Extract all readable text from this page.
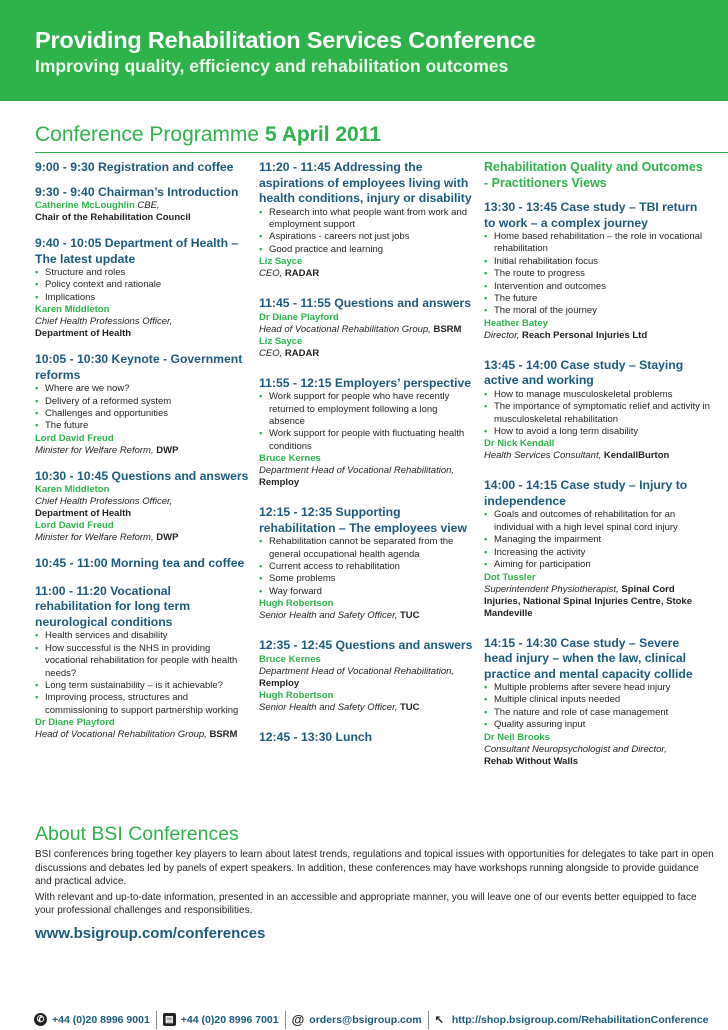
Providing Rehabilitation Services Conference
Improving quality, efficiency and rehabilitation outcomes
Conference Programme 5 April 2011
9:00 - 9:30 Registration and coffee
9:30 - 9:40 Chairman’s Introduction
Catherine McLoughlin CBE,
Chair of the Rehabilitation Council
9:40 - 10:05 Department of Health – The latest update
• Structure and roles
• Policy context and rationale
• Implications
Karen Middleton
Chief Health Professions Officer,
Department of Health
10:05 - 10:30 Keynote - Government reforms
• Where are we now?
• Delivery of a reformed system
• Challenges and opportunities
• The future
Lord David Freud
Minister for Welfare Reform, DWP
10:30 - 10:45 Questions and answers
Karen Middleton
Chief Health Professions Officer,
Department of Health
Lord David Freud
Minister for Welfare Reform, DWP
10:45 - 11:00 Morning tea and coffee
11:00 - 11:20 Vocational rehabilitation for long term neurological conditions
• Health services and disability
• How successful is the NHS in providing vocational rehabilitation for people with health needs?
• Long term sustainability – is it achievable?
• Improving process, structures and commissioning to support partnership working
Dr Diane Playford
Head of Vocational Rehabilitation Group, BSRM
11:20 - 11:45 Addressing the aspirations of employees living with health conditions, injury or disability
• Research into what people want from work and employment support
• Aspirations - careers not just jobs
• Good practice and learning
Liz Sayce
CEO, RADAR
11:45 - 11:55 Questions and answers
Dr Diane Playford
Head of Vocational Rehabilitation Group, BSRM
Liz Sayce
CEO, RADAR
11:55 - 12:15 Employers’ perspective
• Work support for people who have recently returned to employment following a long absence
• Work support for people with fluctuating health conditions
Bruce Kernes
Department Head of Vocational Rehabilitation,
Remploy
12:15 - 12:35 Supporting rehabilitation – The employees view
• Rehabilitation cannot be separated from the general occupational health agenda
• Current access to rehabilitation
• Some problems
• Way forward
Hugh Robertson
Senior Health and Safety Officer, TUC
12:35 - 12:45 Questions and answers
Bruce Kernes
Department Head of Vocational Rehabilitation,
Remploy
Hugh Robertson
Senior Health and Safety Officer, TUC
12:45 - 13:30 Lunch
Rehabilitation Quality and Outcomes - Practitioners Views
13:30 - 13:45 Case study – TBI return to work – a complex journey
• Home based rehabilitation – the role in vocational rehabilitation
• Initial rehabilitation focus
• The route to progress
• Intervention and outcomes
• The future
• The moral of the journey
Heather Batey
Director, Reach Personal Injuries Ltd
13:45 - 14:00 Case study – Staying active and working
• How to manage musculoskeletal problems
• The importance of symptomatic relief and activity in musculoskeletal rehabilitation
• How to avoid a long term disability
Dr Nick Kendall
Health Services Consultant, KendallBurton
14:00 - 14:15 Case study – Injury to independence
• Goals and outcomes of rehabilitation for an individual with a high level spinal cord injury
• Managing the impairment
• Increasing the activity
• Aiming for participation
Dot Tussler
Superintendent Physiotherapist, Spinal Cord Injuries, National Spinal Injuries Centre, Stoke Mandeville
14:15 - 14:30 Case study – Severe head injury – when the law, clinical practice and mental capacity collide
• Multiple problems after severe head injury
• Multiple clinical inputs needed
• The nature and role of case management
• Quality assuring input
Dr Neil Brooks
Consultant Neuropsychologist and Director,
Rehab Without Walls
About BSI Conferences

BSI conferences bring together key players to learn about latest trends, regulations and topical issues with opportunities for delegates to take part in open discussions and debates led by panels of expert speakers. In addition, these conferences may have workshops running alongside to provide guidance and practical advice.

With relevant and up-to-date information, presented in an accessible and appropriate manner, you will leave one of our events better equipped to face your professional challenges and responsibilities.

www.bsigroup.com/conferences
✆ +44 (0)20 8996 9001 ▤ +44 (0)20 8996 7001 @ orders@bsigroup.com ↖ http://shop.bsigroup.com/RehabilitationConference
